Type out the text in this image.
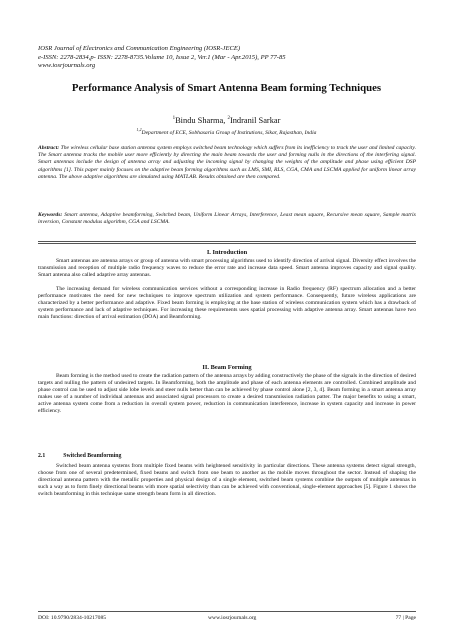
IOSR Journal of Electronics and Communication Engineering (IOSR-JECE)
e-ISSN: 2278-2834,p- ISSN: 2278-8735.Volume 10, Issue 2, Ver.1 (Mar - Apr.2015), PP 77-85
www.iosrjournals.org
Performance Analysis of Smart Antenna Beam forming Techniques
$^1$Bindu Sharma, $^2$Indranil Sarkar
$^{1,2}$Department of ECE, Sobhasaria Group of Institutions, Sikar, Rajasthan, India
Abstract: The wireless cellular base station antenna system employs switched beam technology which suffers from its inefficiency to track the user and limited capacity. The Smart antenna tracks the mobile user more efficiently by directing the main beam towards the user and forming nulls in the directions of the interfering signal. Smart antennas include the design of antenna array and adjusting the incoming signal by changing the weights of the amplitude and phase using efficient DSP algorithms [1]. This paper mainly focuses on the adaptive beam forming algorithms such as LMS, SMI, RLS, CGA, CMA and LSCMA applied for uniform linear array antenna. The above adaptive algorithms are simulated using MATLAB. Results obtained are then compared.
Keywords: Smart antenna, Adaptive beamforming, Switched beam, Uniform Linear Arrays, Interference, Least mean square, Recursive mean square, Sample matrix inversion, Constant modulus algorithm, CGA and LSCMA.
I. Introduction
Smart antennas are antenna arrays or group of antenna with smart processing algorithms used to identify direction of arrival signal. Diversity effect involves the transmission and reception of multiple radio frequency waves to reduce the error rate and increase data speed. Smart antenna improves capacity and signal quality. Smart antenna also called adaptive array antennas.
The increasing demand for wireless communication services without a corresponding increase in Radio frequency (RF) spectrum allocation and a better performance motivates the need for new techniques to improve spectrum utilization and system performance. Consequently, future wireless applications are characterized by a better performance and adaptive. Fixed beam forming is employing at the base station of wireless communication system which has a drawback of system performance and lack of adaptive techniques. For increasing these requirements uses spatial processing with adaptive antenna array. Smart antennas have two main functions: direction of arrival estimation (DOA) and Beamforming.
II. Beam Forming
Beam forming is the method used to create the radiation pattern of the antenna arrays by adding constructively the phase of the signals in the direction of desired targets and nulling the pattern of undesired targets. In Beamforming, both the amplitude and phase of each antenna elements are controlled. Combined amplitude and phase control can be used to adjust side lobe levels and steer nulls better than can be achieved by phase control alone [2, 3, 4]. Beam forming in a smart antenna array makes use of a number of individual antennas and associated signal processors to create a desired transmission radiation patter. The major benefits to using a smart, active antenna system come from a reduction in overall system power, reduction in communication interference, increase in system capacity and increase in power efficiency.
2.1	Switched Beamforming
Switched beam antenna systems from multiple fixed beams with heightened sensitivity in particular directions. These antenna systems detect signal strength, choose from one of several predetermined, fixed beams and switch from one beam to another as the mobile moves throughout the sector. Instead of shaping the directional antenna pattern with the metallic properties and physical design of a single element, switched beam systems combine the outputs of multiple antennas in such a way as to form finely directional beams with more spatial selectivity than can be achieved with conventional, single-element approaches [5]. Figure 1 shows the switch beamforming in this technique same strength beam form in all direction.
DOI: 10.9790/2834-10217085	www.iosrjournals.org	77 | Page
